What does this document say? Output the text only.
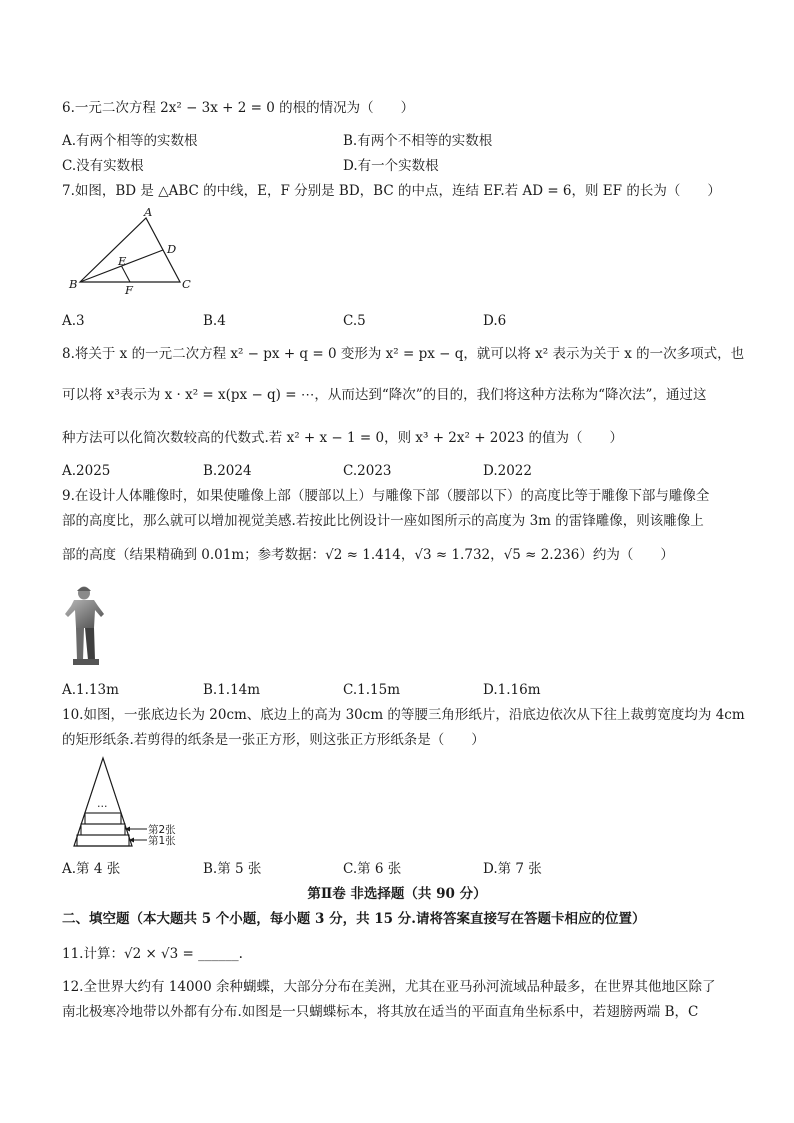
6.一元二次方程 2x² − 3x + 2 = 0 的根的情况为（　　）
A.有两个相等的实数根	B.有两个不相等的实数根
C.没有实数根	D.有一个实数根
7.如图，BD 是 △ABC 的中线，E，F 分别是 BD，BC 的中点，连结 EF.若 AD = 6，则 EF 的长为（　　）
A
B	C
D
E
F
A.3	B.4	C.5	D.6
8.将关于 x 的一元二次方程 x² − px + q = 0 变形为 x² = px − q，就可以将 x² 表示为关于 x 的一次多项式，也
可以将 x³表示为 x · x² = x(px − q) = ⋯，从而达到“降次”的目的，我们将这种方法称为“降次法”，通过这
种方法可以化简次数较高的代数式.若 x² + x − 1 = 0，则 x³ + 2x² + 2023 的值为（　　）
A.2025	B.2024	C.2023	D.2022
9.在设计人体雕像时，如果使雕像上部（腰部以上）与雕像下部（腰部以下）的高度比等于雕像下部与雕像全
部的高度比，那么就可以增加视觉美感.若按此比例设计一座如图所示的高度为 3m 的雷锋雕像，则该雕像上
部的高度（结果精确到 0.01m；参考数据：√2 ≈ 1.414，√3 ≈ 1.732，√5 ≈ 2.236）约为（　　）
A.1.13m	B.1.14m	C.1.15m	D.1.16m
10.如图，一张底边长为 20cm、底边上的高为 30cm 的等腰三角形纸片，沿底边依次从下往上裁剪宽度均为 4cm
的矩形纸条.若剪得的纸条是一张正方形，则这张正方形纸条是（　　）
…
第2张
第1张
A.第 4 张	B.第 5 张	C.第 6 张	D.第 7 张
第Ⅱ卷 非选择题（共 90 分）
二、填空题（本大题共 5 个小题，每小题 3 分，共 15 分.请将答案直接写在答题卡相应的位置）
11.计算：√2 × √3 = ______.
12.全世界大约有 14000 余种蝴蝶，大部分分布在美洲，尤其在亚马孙河流域品种最多，在世界其他地区除了
南北极寒冷地带以外都有分布.如图是一只蝴蝶标本，将其放在适当的平面直角坐标系中，若翅膀两端 B，C
